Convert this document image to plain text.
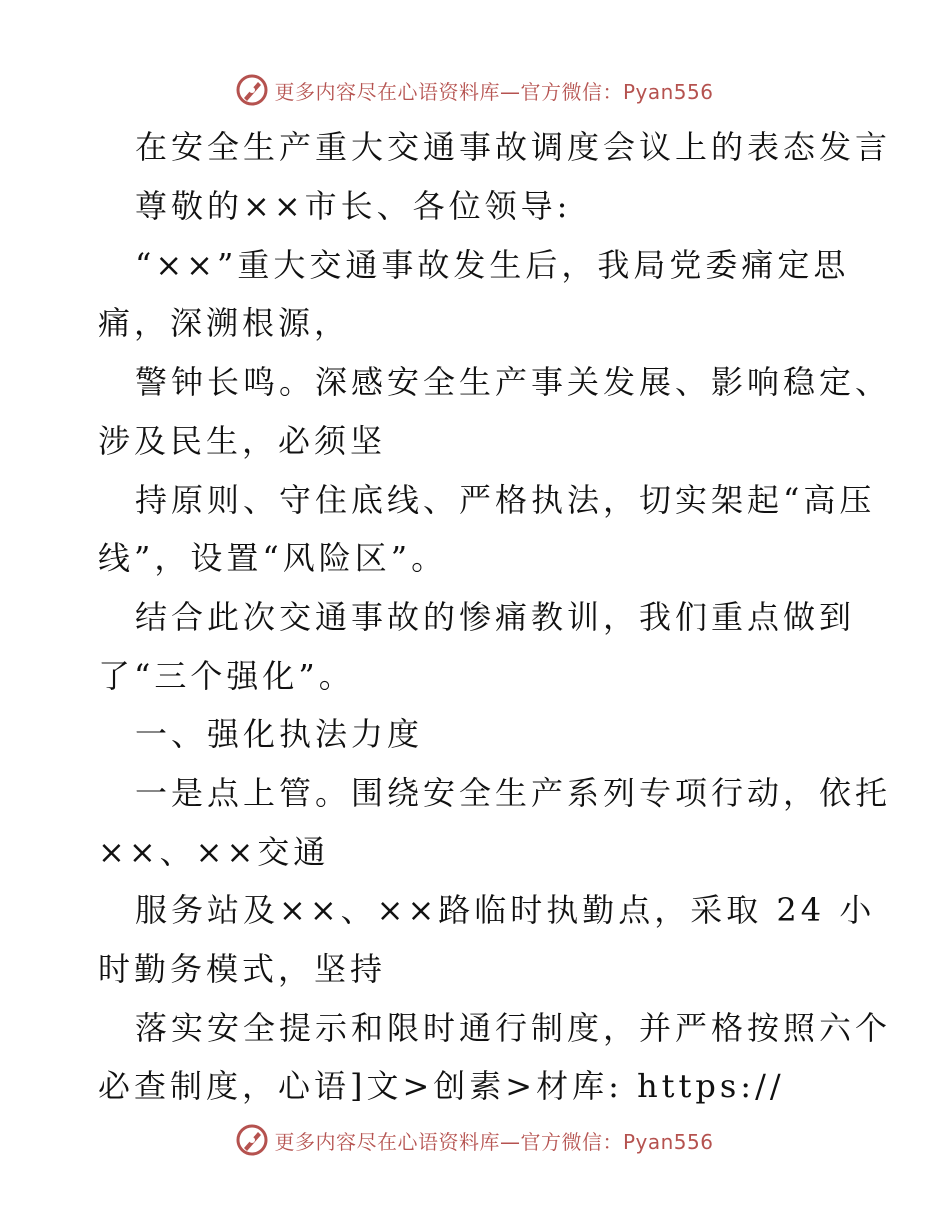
更多内容尽在心语资料库—官方微信：Pyan556
在安全生产重大交通事故调度会议上的表态发言
尊敬的××市长、各位领导:
“××”重大交通事故发生后，我局党委痛定思
痛，深溯根源，
警钟长鸣。深感安全生产事关发展、影响稳定、
涉及民生，必须坚
持原则、守住底线、严格执法，切实架起“高压
线”，设置“风险区”。
结合此次交通事故的惨痛教训，我们重点做到
了“三个强化”。
一、强化执法力度
一是点上管。围绕安全生产系列专项行动，依托
××、××交通
服务站及××、××路临时执勤点，采取 24 小
时勤务模式，坚持
落实安全提示和限时通行制度，并严格按照六个
必查制度，心语]文>创素>材库: https://
更多内容尽在心语资料库—官方微信：Pyan556
